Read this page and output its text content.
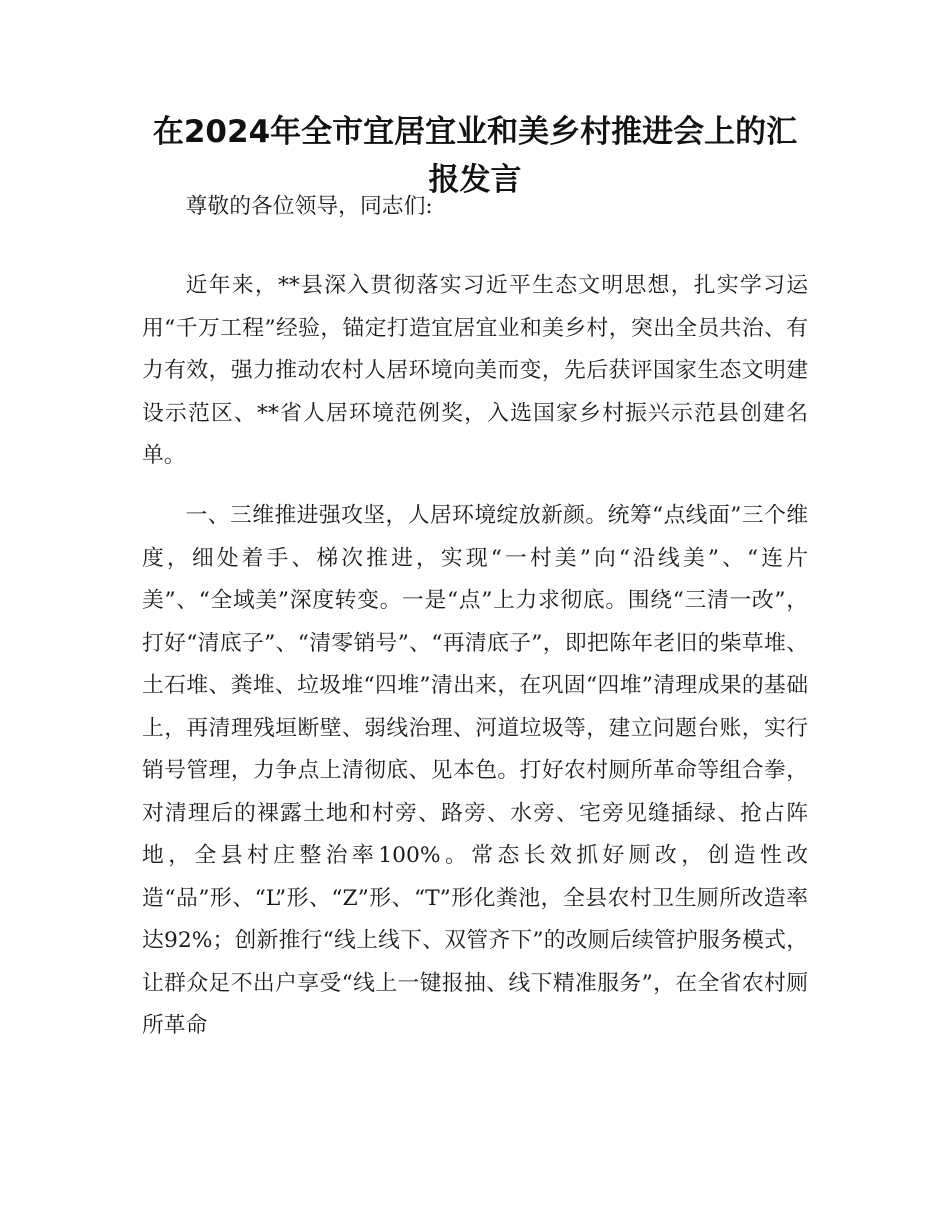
在2024年全市宜居宜业和美乡村推进会上的汇报发言

尊敬的各位领导，同志们:

近年来，**县深入贯彻落实习近平生态文明思想，扎实学习运用“千万工程”经验，锚定打造宜居宜业和美乡村，突出全员共治、有力有效，强力推动农村人居环境向美而变，先后获评国家生态文明建设示范区、**省人居环境范例奖，入选国家乡村振兴示范县创建名单。

一、三维推进强攻坚，人居环境绽放新颜。统筹“点线面”三个维度，细处着手、梯次推进，实现“一村美”向“沿线美”、“连片美”、“全域美”深度转变。一是“点”上力求彻底。围绕“三清一改”，打好“清底子”、“清零销号”、“再清底子”，即把陈年老旧的柴草堆、土石堆、粪堆、垃圾堆“四堆”清出来，在巩固“四堆”清理成果的基础上，再清理残垣断壁、弱线治理、河道垃圾等，建立问题台账，实行销号管理，力争点上清彻底、见本色。打好农村厕所革命等组合拳，对清理后的裸露土地和村旁、路旁、水旁、宅旁见缝插绿、抢占阵地，全县村庄整治率100%。常态长效抓好厕改，创造性改造“品”形、“L”形、“Z”形、“T”形化粪池，全县农村卫生厕所改造率达92%；创新推行“线上线下、双管齐下”的改厕后续管护服务模式，让群众足不出户享受“线上一键报抽、线下精准服务”，在全省农村厕所革命
